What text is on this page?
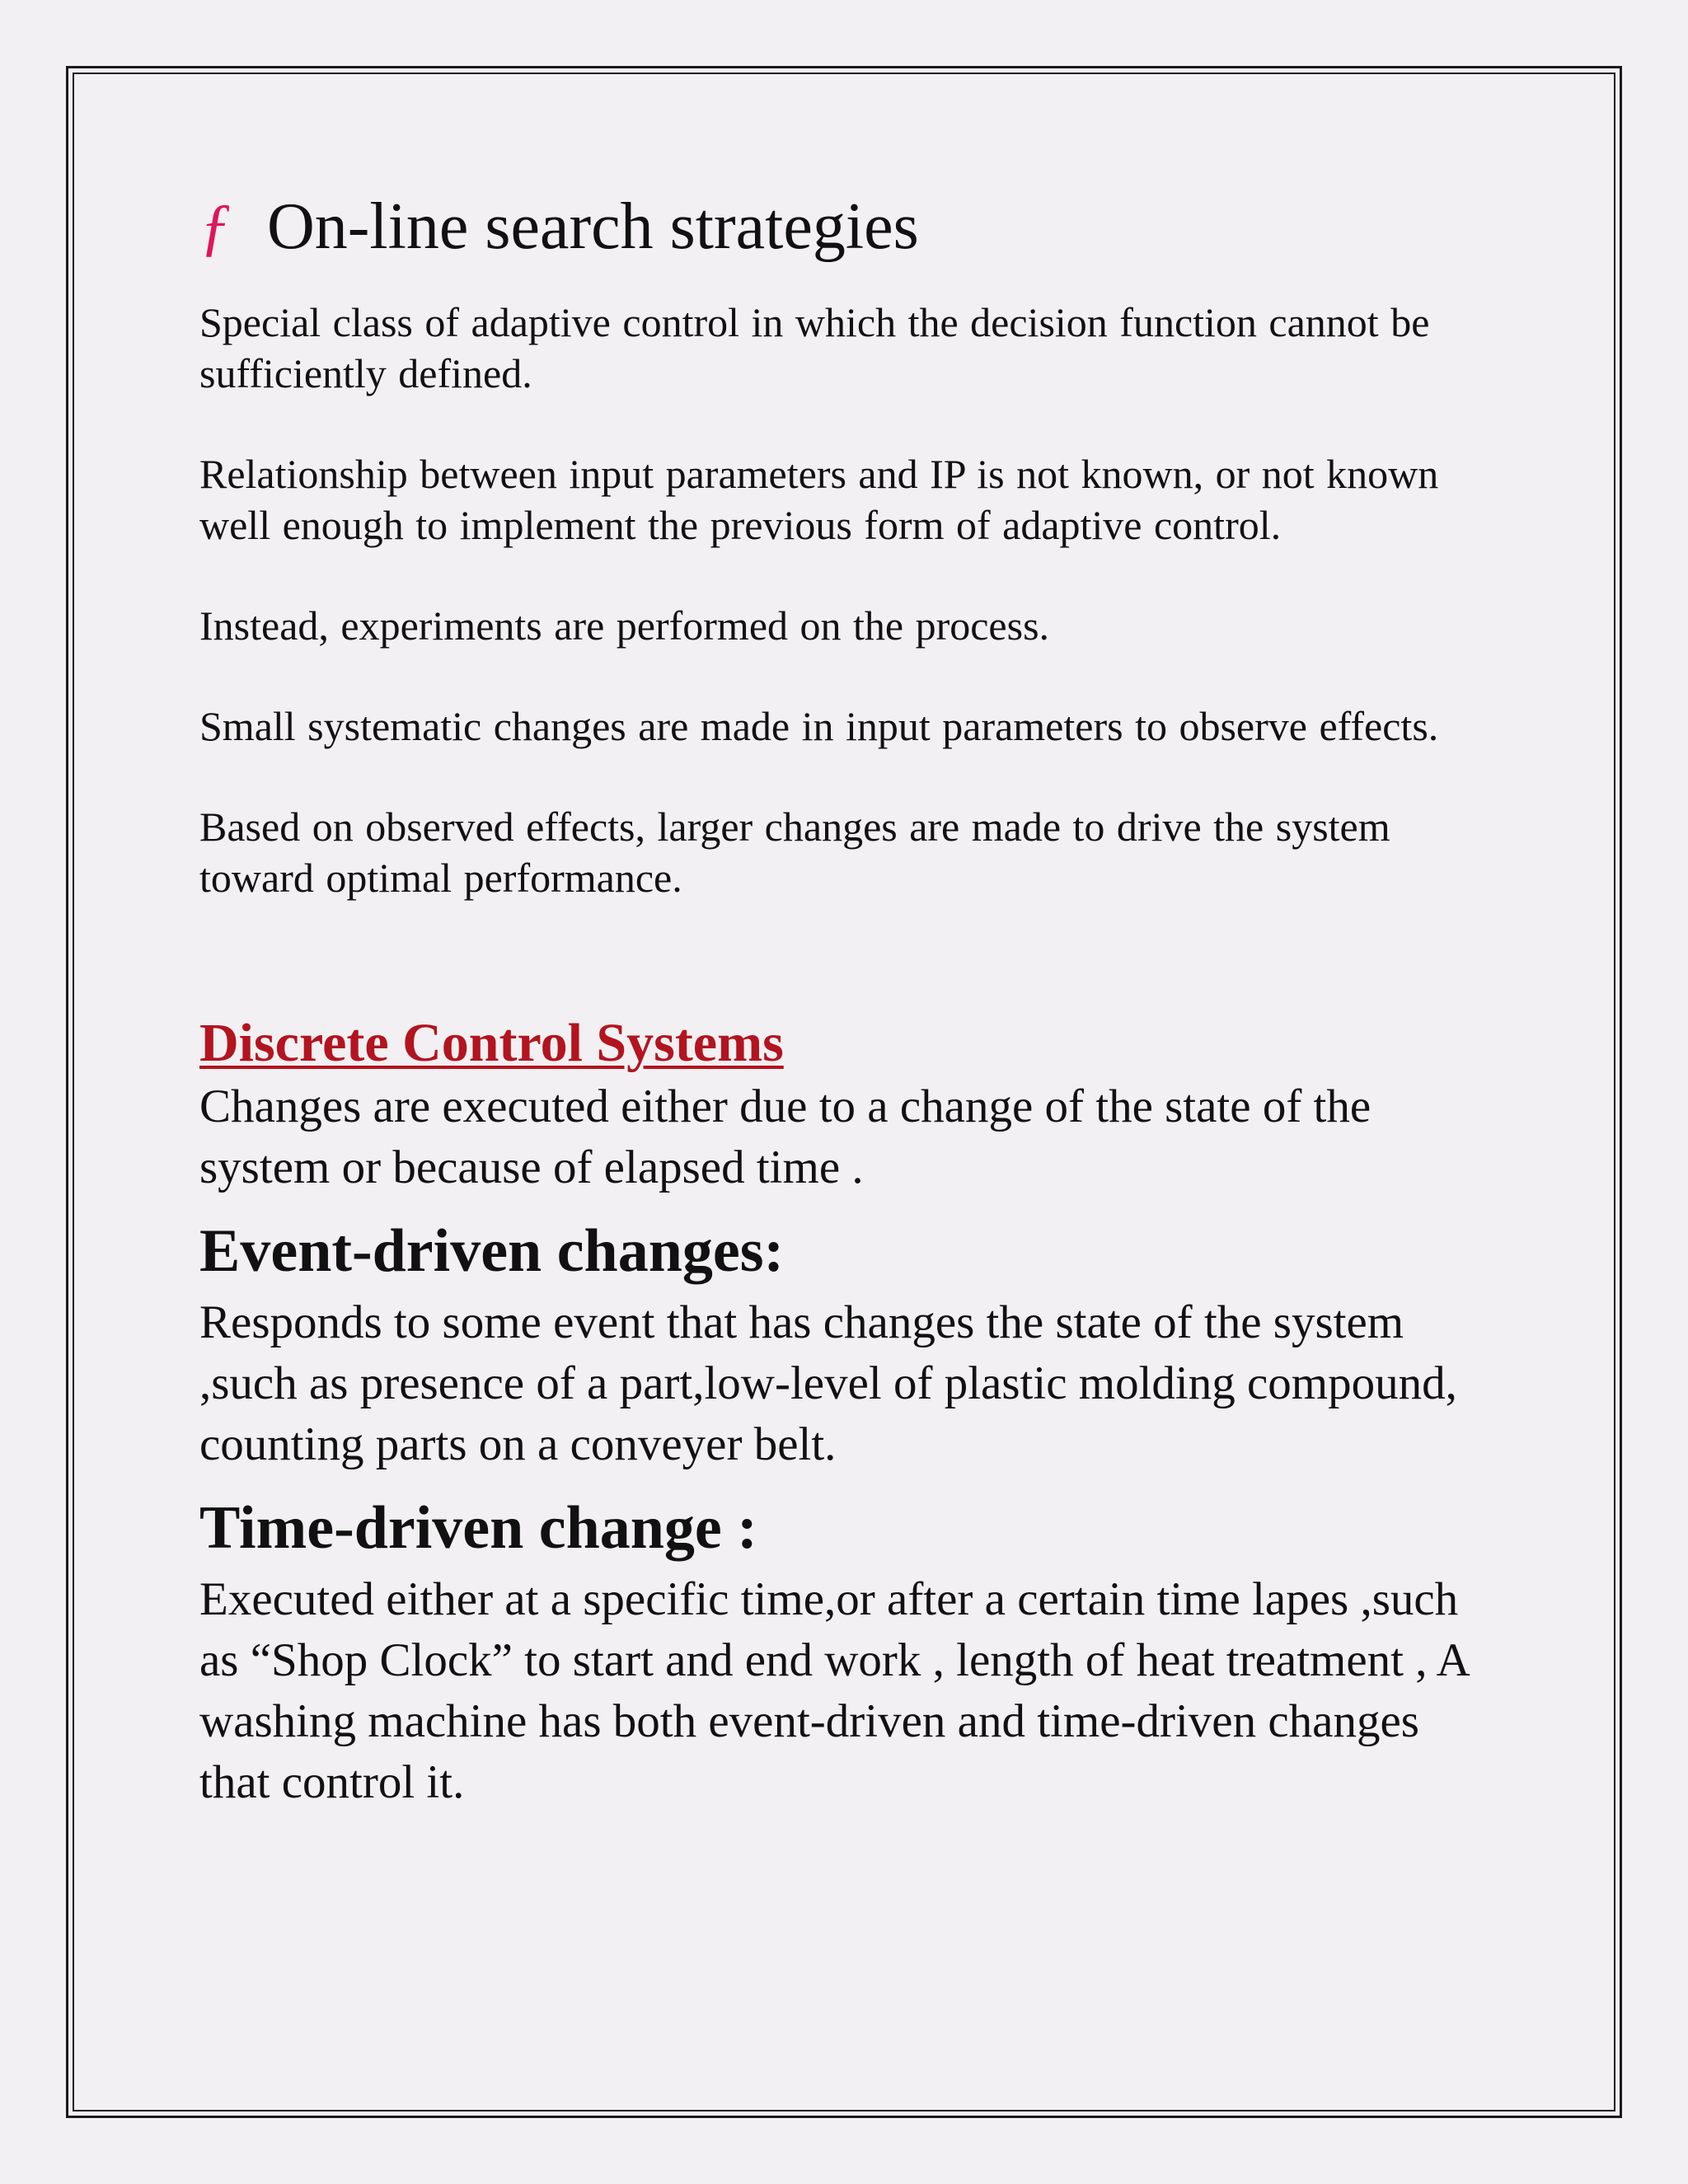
ƒ On-line search strategies

Special class of adaptive control in which the decision function cannot be sufficiently defined.

Relationship between input parameters and IP is not known, or not known well enough to implement the previous form of adaptive control.

Instead, experiments are performed on the process.

Small systematic changes are made in input parameters to observe effects.

Based on observed effects, larger changes are made to drive the system toward optimal performance.

Discrete Control Systems

Changes are executed either due to a change of the state of the system or because of elapsed time .

Event-driven changes:

Responds to some event that has changes the state of the system ,such as presence of a part,low-level of plastic molding compound, counting parts on a conveyer belt.

Time-driven change :

Executed either at a specific time,or after a certain time lapes ,such as “Shop Clock” to start and end work , length of heat treatment , A washing machine has both event-driven and time-driven changes that control it.
